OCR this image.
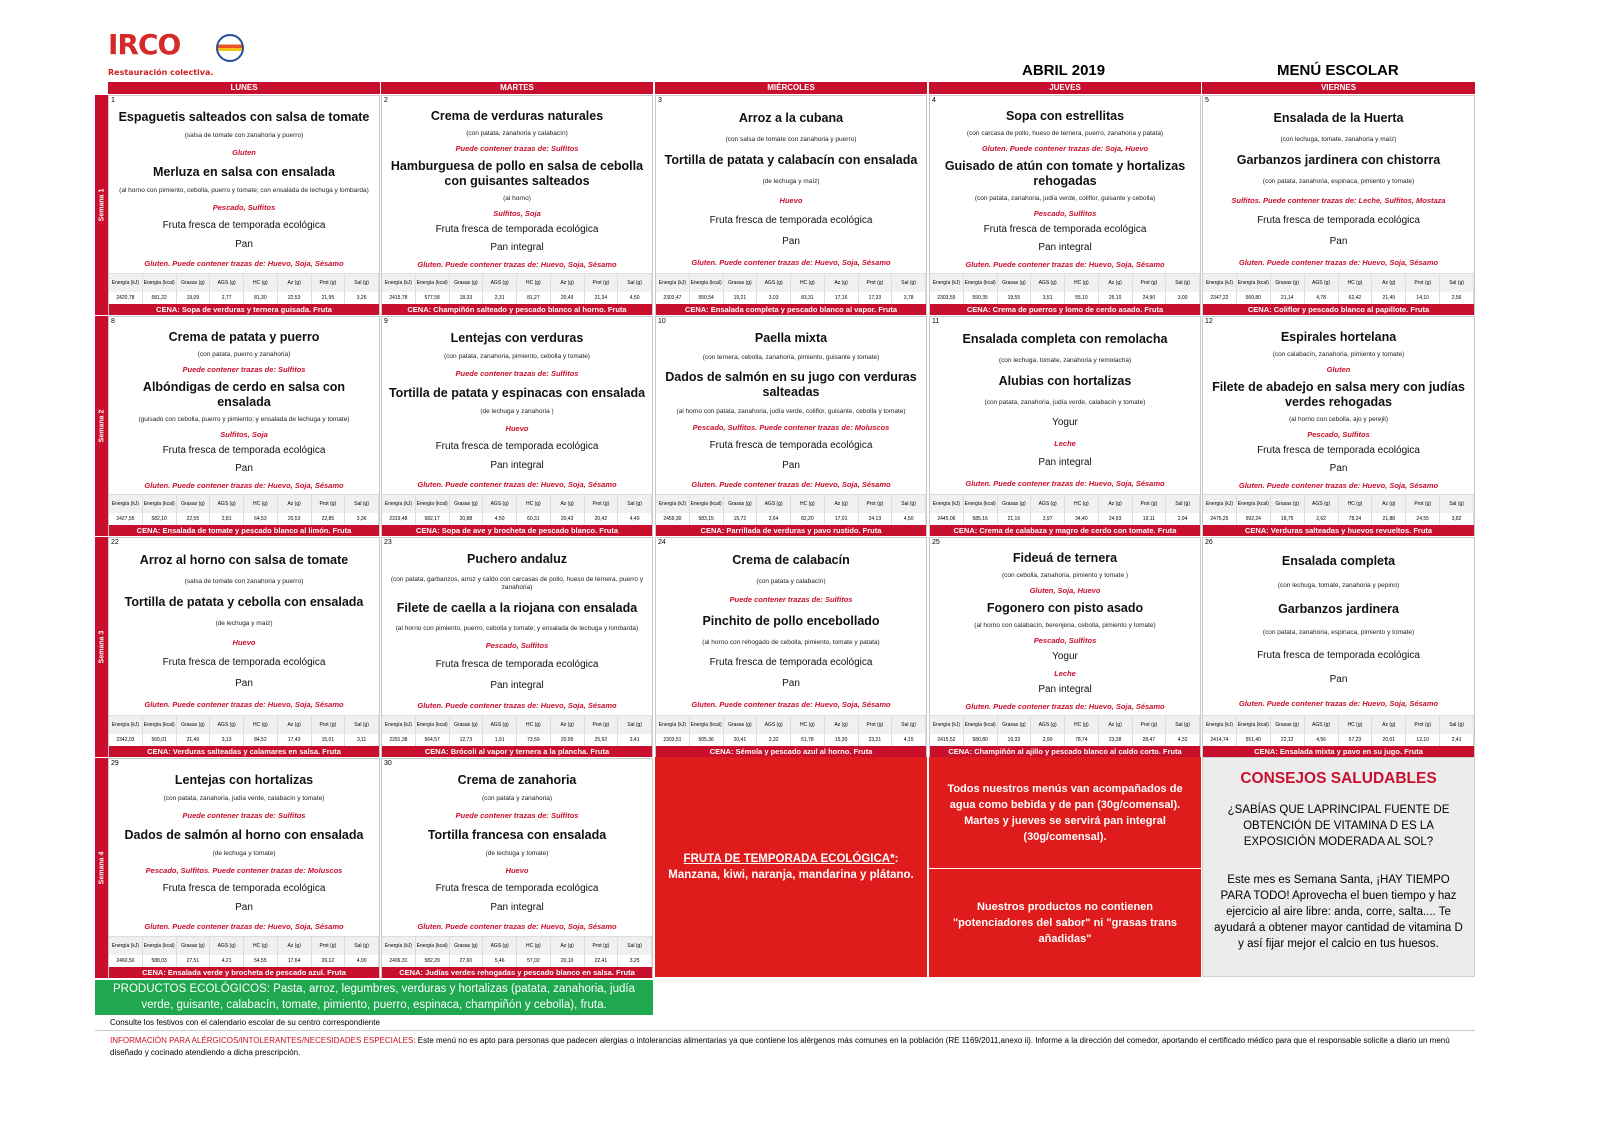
IRCO
Restauración colectiva.	ABRIL 2019	MENÚ ESCOLAR
LUNES	MARTES	MIÉRCOLES	JUEVES	VIERNES
Semana 1
1
Espaguetis salteados con salsa de tomate
(salsa de tomate con zanahoria y puerro)
Gluten
Merluza en salsa con ensalada
(al horno con pimiento, cebolla, puerro y tomate; con ensalada de lechuga y lombarda)
Pescado, Sulfitos
Fruta fresca de temporada ecológica
Pan
Gluten. Puede contener trazas de: Huevo, Soja, Sésamo
Energía (kJ) Energía (kcal)	Grasas (g)	AGS (g)	HC (g)	Az (g)	Prot (g)	Sal (g)
2420,78	581,22	19,09	2,77	81,30	22,53	21,95	3,26
CENA: Sopa de verduras y ternera guisada. Fruta
2
Crema de verduras naturales
(con patata, zanahoria y calabacín)
Puede contener trazas de: Sulfitos
Hamburguesa de pollo en salsa de cebolla con guisantes salteados
(al horno)
Sulfitos, Soja
Fruta fresca de temporada ecológica
Pan integral
Gluten. Puede contener trazas de: Huevo, Soja, Sésamo
Energía (kJ) Energía (kcal)	Grasas (g)	AGS (g)	HC (g)	Az (g)	Prot (g)	Sal (g)
2415,78	577,58	18,33	2,31	81,27	20,49	21,34	4,50
CENA: Champiñón salteado y pescado blanco al horno. Fruta
3
Arroz a la cubana
(con salsa de tomate con zanahoria y puerro)
Tortilla de patata y calabacín con ensalada
(de lechuga y maíz)
Huevo
Fruta fresca de temporada ecológica
Pan
Gluten. Puede contener trazas de: Huevo, Soja, Sésamo
Energía (kJ) Energía (kcal)	Grasas (g)	AGS (g)	HC (g)	Az (g)	Prot (g)	Sal (g)
2303,47	550,54	19,21	3,03	83,31	17,16	17,33	3,78
CENA: Ensalada completa y pescado blanco al vapor. Fruta
4
Sopa con estrellitas
(con carcasa de pollo, hueso de ternera, puerro, zanahoria y patata)
Gluten. Puede contener trazas de: Soja, Huevo
Guisado de atún con tomate y hortalizas rehogadas
(con patata, zanahoria, judía verde, coliflor, guisante y cebolla)
Pescado, Sulfitos
Fruta fresca de temporada ecológica
Pan integral
Gluten. Puede contener trazas de: Huevo, Soja, Sésamo
Energía (kJ) Energía (kcal)	Grasas (g)	AGS (g)	HC (g)	Az (g)	Prot (g)	Sal (g)
2303,55	550,35	19,55	3,51	55,10	25,10	24,90	3,00
CENA: Crema de puerros y lomo de cerdo asado. Fruta
5
Ensalada de la Huerta
(con lechuga, tomate, zanahoria y maíz)
Garbanzos jardinera con chistorra
(con patata, zanahoria, espinaca, pimiento y tomate)
Sulfitos. Puede contener trazas de: Leche, Sulfitos, Mostaza
Fruta fresca de temporada ecológica
Pan
Gluten. Puede contener trazas de: Huevo, Soja, Sésamo
Energía (kJ) Energía (kcal)	Grasas (g)	AGS (g)	HC (g)	Az (g)	Prot (g)	Sal (g)
2347,22	560,80	21,14	4,78	62,42	21,49	14,10	2,56
CENA: Coliflor y pescado blanco al papillote. Fruta
Semana 2
8
Crema de patata y puerro
(con patata, puerro y zanahoria)
Puede contener trazas de: Sulfitos
Albóndigas de cerdo en salsa con ensalada
(guisado con cebolla, puerro y pimiento; y ensalada de lechuga y tomate)
Sulfitos, Soja
Fruta fresca de temporada ecológica
Pan
Gluten. Puede contener trazas de: Huevo, Soja, Sésamo
Energía (kJ) Energía (kcal)	Grasas (g)	AGS (g)	HC (g)	Az (g)	Prot (g)	Sal (g)
2427,55	582,10	22,55	2,81	64,53	20,53	22,85	3,36
CENA: Ensalada de tomate y pescado blanco al limón. Fruta
9
Lentejas con verduras
(con patata, zanahoria, pimiento, cebolla y tomate)
Puede contener trazas de: Sulfitos
Tortilla de patata y espinacas con ensalada
(de lechuga y zanahoria )
Huevo
Fruta fresca de temporada ecológica
Pan integral
Gluten. Puede contener trazas de: Huevo, Soja, Sésamo
Energía (kJ) Energía (kcal)	Grasas (g)	AGS (g)	HC (g)	Az (g)	Prot (g)	Sal (g)
2319,48	582,17	20,88	4,50	60,31	20,43	20,42	4,49
CENA: Sopa de ave y brocheta de pescado blanco. Fruta
10
Paella mixta
(con ternera, cebolla, zanahoria, pimiento, guisante y tomate)
Dados de salmón en su jugo con verduras salteadas
(al horno con patata, zanahoria, judía verde, coliflor, guisante, cebolla y tomate)
Pescado, Sulfitos. Puede contener trazas de: Moluscos
Fruta fresca de temporada ecológica
Pan
Gluten. Puede contener trazas de: Huevo, Soja, Sésamo
Energía (kJ) Energía (kcal)	Grasas (g)	AGS (g)	HC (g)	Az (g)	Prot (g)	Sal (g)
2459,30	583,15	15,72	2,64	82,20	17,01	24,13	4,50
CENA: Parrillada de verduras y pavo rustido. Fruta
11
Ensalada completa con remolacha
(con lechuga, tomate, zanahoria y remolacha)
Alubias con hortalizas
(con patata, zanahoria, judía verde, calabacín y tomate)
Yogur
Leche
Pan integral
Gluten. Puede contener trazas de: Huevo, Soja, Sésamo
Energía (kJ) Energía (kcal)	Grasas (g)	AGS (g)	HC (g)	Az (g)	Prot (g)	Sal (g)
2445,06	585,16	21,16	3,97	34,40	24,93	19,11	2,94
CENA: Crema de calabaza y magro de cerdo con tomate. Fruta
12
Espirales hortelana
(con calabacín, zanahoria, pimiento y tomate)
Gluten
Filete de abadejo en salsa mery con judías verdes rehogadas
(al horno con cebolla, ajo y perejil)
Pescado, Sulfitos
Fruta fresca de temporada ecológica
Pan
Gluten. Puede contener trazas de: Huevo, Soja, Sésamo
Energía (kJ) Energía (kcal)	Grasas (g)	AGS (g)	HC (g)	Az (g)	Prot (g)	Sal (g)
2475,25	592,24	18,75	2,62	78,24	21,88	24,55	3,82
CENA: Verduras salteadas y huevos revueltos. Fruta
Semana 3
22
Arroz al horno con salsa de tomate
(salsa de tomate con zanahoria y puerro)
Tortilla de patata y cebolla con ensalada
(de lechuga y maíz)
Huevo
Fruta fresca de temporada ecológica
Pan
Gluten. Puede contener trazas de: Huevo, Soja, Sésamo
Energía (kJ) Energía (kcal)	Grasas (g)	AGS (g)	HC (g)	Az (g)	Prot (g)	Sal (g)
2342,03	560,01	21,49	3,13	84,52	17,43	15,01	3,11
CENA: Verduras salteadas y calamares en salsa. Fruta
23
Puchero andaluz
(con patata, garbanzos, arroz y caldo con carcasas de pollo, hueso de ternera, puerro y zanahoria)
Filete de caella a la riojana con ensalada
(al horno con pimiento, puerro, cebolla y tomate; y ensalada de lechuga y lombarda)
Pescado, Sulfitos
Fruta fresca de temporada ecológica
Pan integral
Gluten. Puede contener trazas de: Huevo, Soja, Sésamo
Energía (kJ) Energía (kcal)	Grasas (g)	AGS (g)	HC (g)	Az (g)	Prot (g)	Sal (g)
2291,38	564,57	12,73	1,91	73,59	20,95	25,92	3,41
CENA: Brócoli al vapor y ternera a la plancha. Fruta
24
Crema de calabacín
(con patata y calabacín)
Puede contener trazas de: Sulfitos
Pinchito de pollo encebollado
(al horno con rehogado de cebolla, pimiento, tomate y patata)
Fruta fresca de temporada ecológica
Pan
Gluten. Puede contener trazas de: Huevo, Soja, Sésamo
Energía (kJ) Energía (kcal)	Grasas (g)	AGS (g)	HC (g)	Az (g)	Prot (g)	Sal (g)
2303,51	505,36	20,41	2,32	51,78	15,30	23,21	4,15
CENA: Sémola y pescado azul al horno. Fruta
25
Fideuá de ternera
(con cebolla, zanahoria, pimiento y tomate )
Gluten, Soja, Huevo
Fogonero con pisto asado
(al horno con calabacín, berenjena, cebolla, pimiento y tomate)
Pescado, Sulfitos
Yogur
Leche
Pan integral
Gluten. Puede contener trazas de: Huevo, Soja, Sésamo
Energía (kJ) Energía (kcal)	Grasas (g)	AGS (g)	HC (g)	Az (g)	Prot (g)	Sal (g)
2415,52	580,80	19,33	2,90	78,74	23,38	28,47	4,32
CENA: Champiñón al ajillo y pescado blanco al caldo corto. Fruta
26
Ensalada completa
(con lechuga, tomate, zanahoria y pepino)
Garbanzos jardinera
(con patata, zanahoria, espinaca, pimiento y tomate)
Fruta fresca de temporada ecológica
Pan
Gluten. Puede contener trazas de: Huevo, Soja, Sésamo
Energía (kJ) Energía (kcal)	Grasas (g)	AGS (g)	HC (g)	Az (g)	Prot (g)	Sal (g)
2414,74	551,40	22,12	4,56	57,23	20,01	12,10	2,41
CENA: Ensalada mixta y pavo en su jugo. Fruta
Semana 4
29
Lentejas con hortalizas
(con patata, zanahoria, judía verde, calabacín y tomate)
Puede contener trazas de: Sulfitos
Dados de salmón al horno con ensalada
(de lechuga y tomate)
Pescado, Sulfitos. Puede contener trazas de: Moluscos
Fruta fresca de temporada ecológica
Pan
Gluten. Puede contener trazas de: Huevo, Soja, Sésamo
Energía (kJ) Energía (kcal)	Grasas (g)	AGS (g)	HC (g)	Az (g)	Prot (g)	Sal (g)
2460,50	588,03	27,51	4,21	54,55	17,64	26,12	4,00
CENA: Ensalada verde y brocheta de pescado azul. Fruta
30
Crema de zanahoria
(con patata y zanahoria)
Puede contener trazas de: Sulfitos
Tortilla francesa con ensalada
(de lechuga y tomate)
Huevo
Fruta fresca de temporada ecológica
Pan integral
Gluten. Puede contener trazas de: Huevo, Soja, Sésamo
Energía (kJ) Energía (kcal)	Grasas (g)	AGS (g)	HC (g)	Az (g)	Prot (g)	Sal (g)
2406,31	582,29	27,60	5,46	57,02	20,10	22,41	3,25
CENA: Judías verdes rehogadas y pescado blanco en salsa. Fruta
FRUTA DE TEMPORADA ECOLÓGICA*: Manzana, kiwi, naranja, mandarina y plátano.
Todos nuestros menús van acompañados de agua como bebida y de pan (30g/comensal). Martes y jueves se servirá pan integral (30g/comensal).
Nuestros productos no contienen "potenciadores del sabor" ni "grasas trans añadidas"
CONSEJOS SALUDABLES
¿SABÍAS QUE LAPRINCIPAL FUENTE DE OBTENCIÓN DE VITAMINA D ES LA EXPOSICIÓN MODERADA AL SOL?
Este mes es Semana Santa, ¡HAY TIEMPO PARA TODO! Aprovecha el buen tiempo y haz ejercicio al aire libre: anda, corre, salta.... Te ayudará a obtener mayor cantidad de vitamina D y así fijar mejor el calcio en tus huesos.
PRODUCTOS ECOLÓGICOS: Pasta, arroz, legumbres, verduras y hortalizas (patata, zanahoria, judía verde, guisante, calabacín, tomate, pimiento, puerro, espinaca, champiñón y cebolla), fruta.
Consulte los festivos con el calendario escolar de su centro correspondiente
INFORMACIÓN PARA ALÉRGICOS/INTOLERANTES/NECESIDADES ESPECIALES: Este menú no es apto para personas que padecen alergias o intolerancias alimentarias ya que contiene los alérgenos más comunes en la población (RE 1169/2011,anexo ii). Informe a la dirección del comedor, aportando el certificado médico para que el responsable solicite a diario un menú diseñado y cocinado atendiendo a dicha prescripción.
